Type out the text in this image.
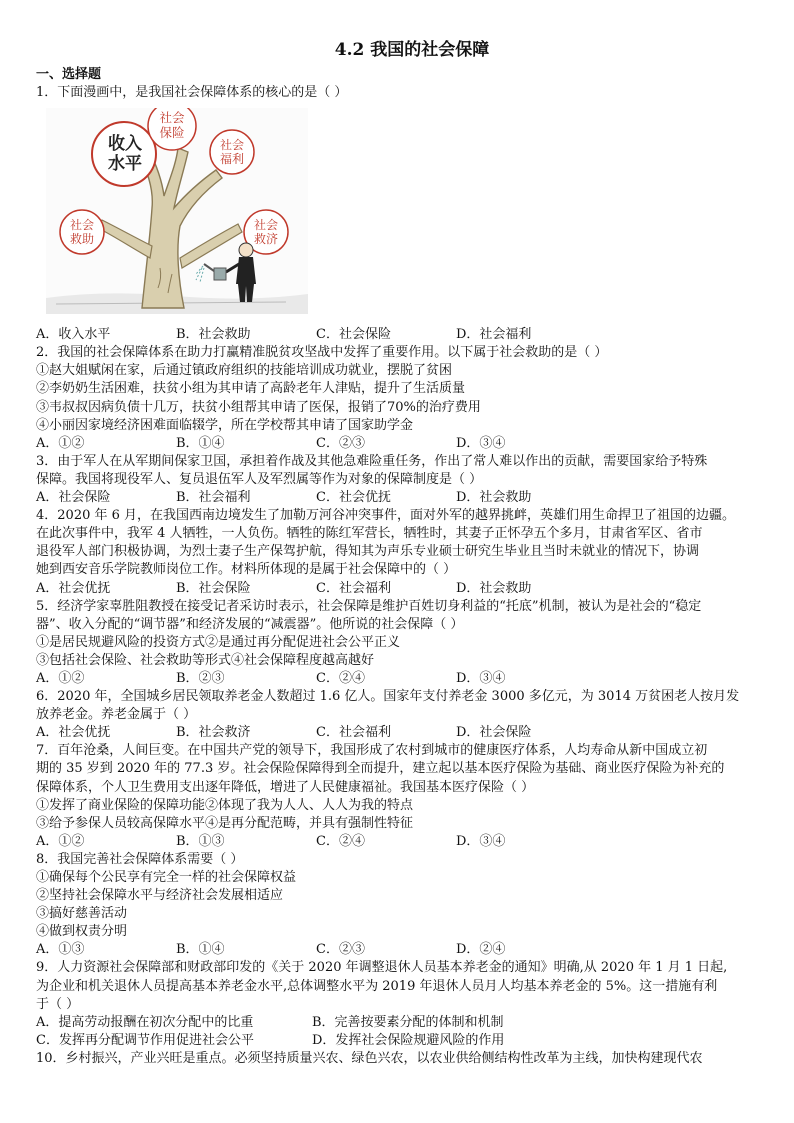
4.2 我国的社会保障
一、选择题
1．下面漫画中，是我国社会保障体系的核心的是（ ）
收入水平
社会保险
社会福利
社会救助
社会救济
A．收入水平	B．社会救助	C．社会保险	D．社会福利
2．我国的社会保障体系在助力打赢精准脱贫攻坚战中发挥了重要作用。以下属于社会救助的是（ ）
①赵大姐赋闲在家，后通过镇政府组织的技能培训成功就业，摆脱了贫困
②李奶奶生活困难，扶贫小组为其申请了高龄老年人津贴，提升了生活质量
③韦叔叔因病负债十几万，扶贫小组帮其申请了医保，报销了70%的治疗费用
④小丽因家境经济困难面临辍学，所在学校帮其申请了国家助学金
A．①②	B．①④	C．②③	D．③④
3．由于军人在从军期间保家卫国，承担着作战及其他急难险重任务，作出了常人难以作出的贡献，需要国家给予特殊
保障。我国将现役军人、复员退伍军人及军烈属等作为对象的保障制度是（ ）
A．社会保险	B．社会福利	C．社会优抚	D．社会救助
4．2020 年 6 月，在我国西南边境发生了加勒万河谷冲突事件，面对外军的越界挑衅，英雄们用生命捍卫了祖国的边疆。
在此次事件中，我军 4 人牺牲，一人负伤。牺牲的陈红军营长，牺牲时，其妻子正怀孕五个多月，甘肃省军区、省市
退役军人部门积极协调，为烈士妻子生产保驾护航，得知其为声乐专业硕士研究生毕业且当时未就业的情况下，协调
她到西安音乐学院教师岗位工作。材料所体现的是属于社会保障中的（ ）
A．社会优抚	B．社会保险	C．社会福利	D．社会救助
5．经济学家辜胜阻教授在接受记者采访时表示，社会保障是维护百姓切身利益的“托底”机制，被认为是社会的“稳定
器”、收入分配的“调节器”和经济发展的“减震器”。他所说的社会保障（ ）
①是居民规避风险的投资方式②是通过再分配促进社会公平正义
③包括社会保险、社会救助等形式④社会保障程度越高越好
A．①②	B．②③	C．②④	D．③④
6．2020 年，全国城乡居民领取养老金人数超过 1.6 亿人。国家年支付养老金 3000 多亿元，为 3014 万贫困老人按月发
放养老金。养老金属于（ ）
A．社会优抚	B．社会救济	C．社会福利	D．社会保险
7．百年沧桑，人间巨变。在中国共产党的领导下，我国形成了农村到城市的健康医疗体系，人均寿命从新中国成立初
期的 35 岁到 2020 年的 77.3 岁。社会保险保障得到全而提升，建立起以基本医疗保险为基础、商业医疗保险为补充的
保障体系，个人卫生费用支出逐年降低，增进了人民健康福祉。我国基本医疗保险（ ）
①发挥了商业保险的保障功能②体现了我为人人、人人为我的特点
③给予参保人员较高保障水平④是再分配范畴，并具有强制性特征
A．①②	B．①③	C．②④	D．③④
8．我国完善社会保障体系需要（ ）
①确保每个公民享有完全一样的社会保障权益
②坚持社会保障水平与经济社会发展相适应
③搞好慈善活动
④做到权责分明
A．①③	B．①④	C．②③	D．②④
9．人力资源社会保障部和财政部印发的《关于 2020 年调整退休人员基本养老金的通知》明确,从 2020 年 1 月 1 日起,
为企业和机关退休人员提高基本养老金水平,总体调整水平为 2019 年退休人员月人均基本养老金的 5%。这一措施有利
于（ ）
A．提高劳动报酬在初次分配中的比重	B．完善按要素分配的体制和机制
C．发挥再分配调节作用促进社会公平	D．发挥社会保险规避风险的作用
10．乡村振兴，产业兴旺是重点。必须坚持质量兴农、绿色兴农，以农业供给侧结构性改革为主线，加快构建现代农
